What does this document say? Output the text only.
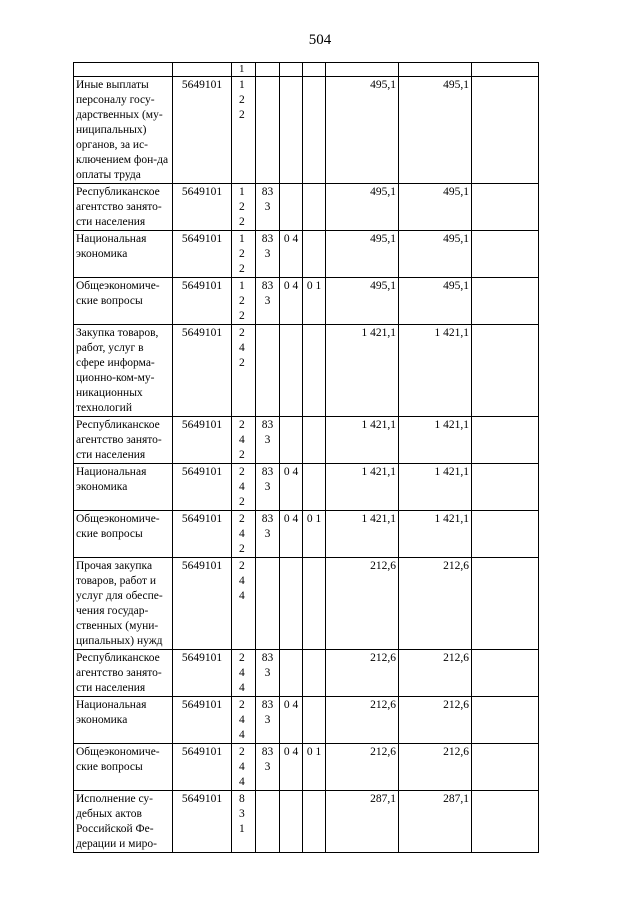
504

		1						

Иные выплаты персоналу госу-дарственных (му-ниципальных) органов, за ис-ключением фон-да оплаты труда	5649101	122				495,1	495,1	
Республиканское агентство занято-сти населения	5649101	122	83 3			495,1	495,1	
Национальная экономика	5649101	122	83 3	0 4		495,1	495,1	
Общеэкономиче-ские вопросы	5649101	122	83 3	0 4	0 1	495,1	495,1	
Закупка товаров, работ, услуг в сфере информа-ционно-ком-му-никационных технологий	5649101	242				1 421,1	1 421,1	
Республиканское агентство занято-сти населения	5649101	242	83 3			1 421,1	1 421,1	
Национальная экономика	5649101	242	83 3	0 4		1 421,1	1 421,1	
Общеэкономиче-ские вопросы	5649101	242	83 3	0 4	0 1	1 421,1	1 421,1	
Прочая закупка товаров, работ и услуг для обеспе-чения государ-ственных (муни-ципальных) нужд	5649101	244				212,6	212,6	
Республиканское агентство занято-сти населения	5649101	244	83 3			212,6	212,6	
Национальная экономика	5649101	244	83 3	0 4		212,6	212,6	
Общеэкономиче-ские вопросы	5649101	244	83 3	0 4	0 1	212,6	212,6	
Исполнение су-дебных актов Российской Фе-дерации и миро-	5649101	831				287,1	287,1	
